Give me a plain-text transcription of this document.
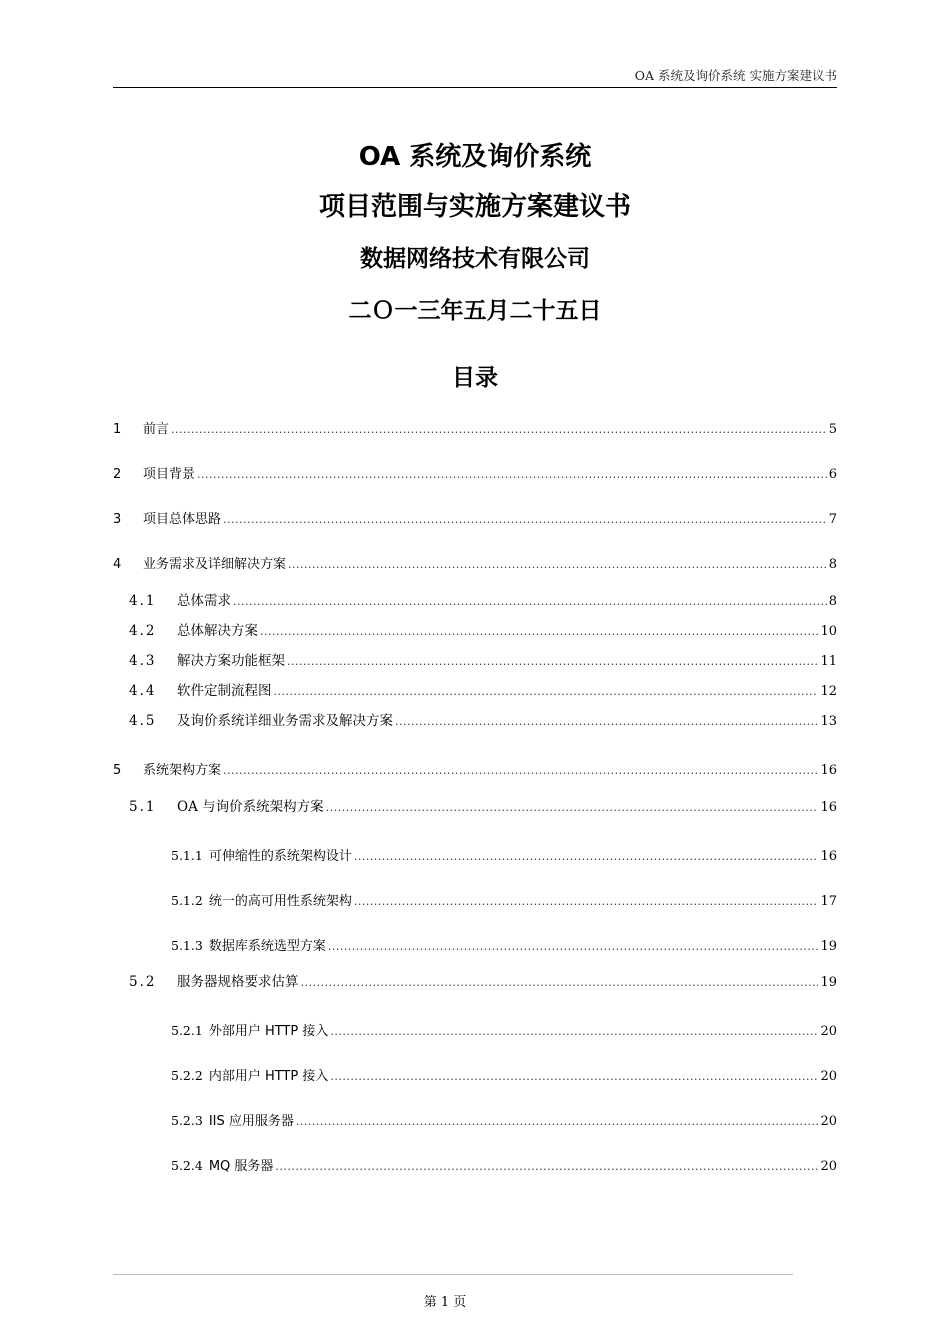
OA 系统及询价系统 实施方案建议书
OA 系统及询价系统
项目范围与实施方案建议书
数据网络技术有限公司
二Ｏ一三年五月二十五日
目录
1	前言 .....	5
2	项目背景 .....	6
3	项目总体思路 .....	7
4	业务需求及详细解决方案 .....	8
4.1	总体需求 .....	8
4.2	总体解决方案 .....	10
4.3	解决方案功能框架 .....	11
4.4	软件定制流程图 .....	12
4.5	及询价系统详细业务需求及解决方案 .....	13
5	系统架构方案 .....	16
5.1	OA 与询价系统架构方案 .....	16
5.1.1 可伸缩性的系统架构设计 .....	16
5.1.2 统一的高可用性系统架构 .....	17
5.1.3 数据库系统选型方案 .....	19
5.2	服务器规格要求估算 .....	19
5.2.1 外部用户 HTTP 接入 .....	20
5.2.2 内部用户 HTTP 接入 .....	20
5.2.3 IIS 应用服务器 .....	20
5.2.4 MQ 服务器 .....	20
第 1 页
